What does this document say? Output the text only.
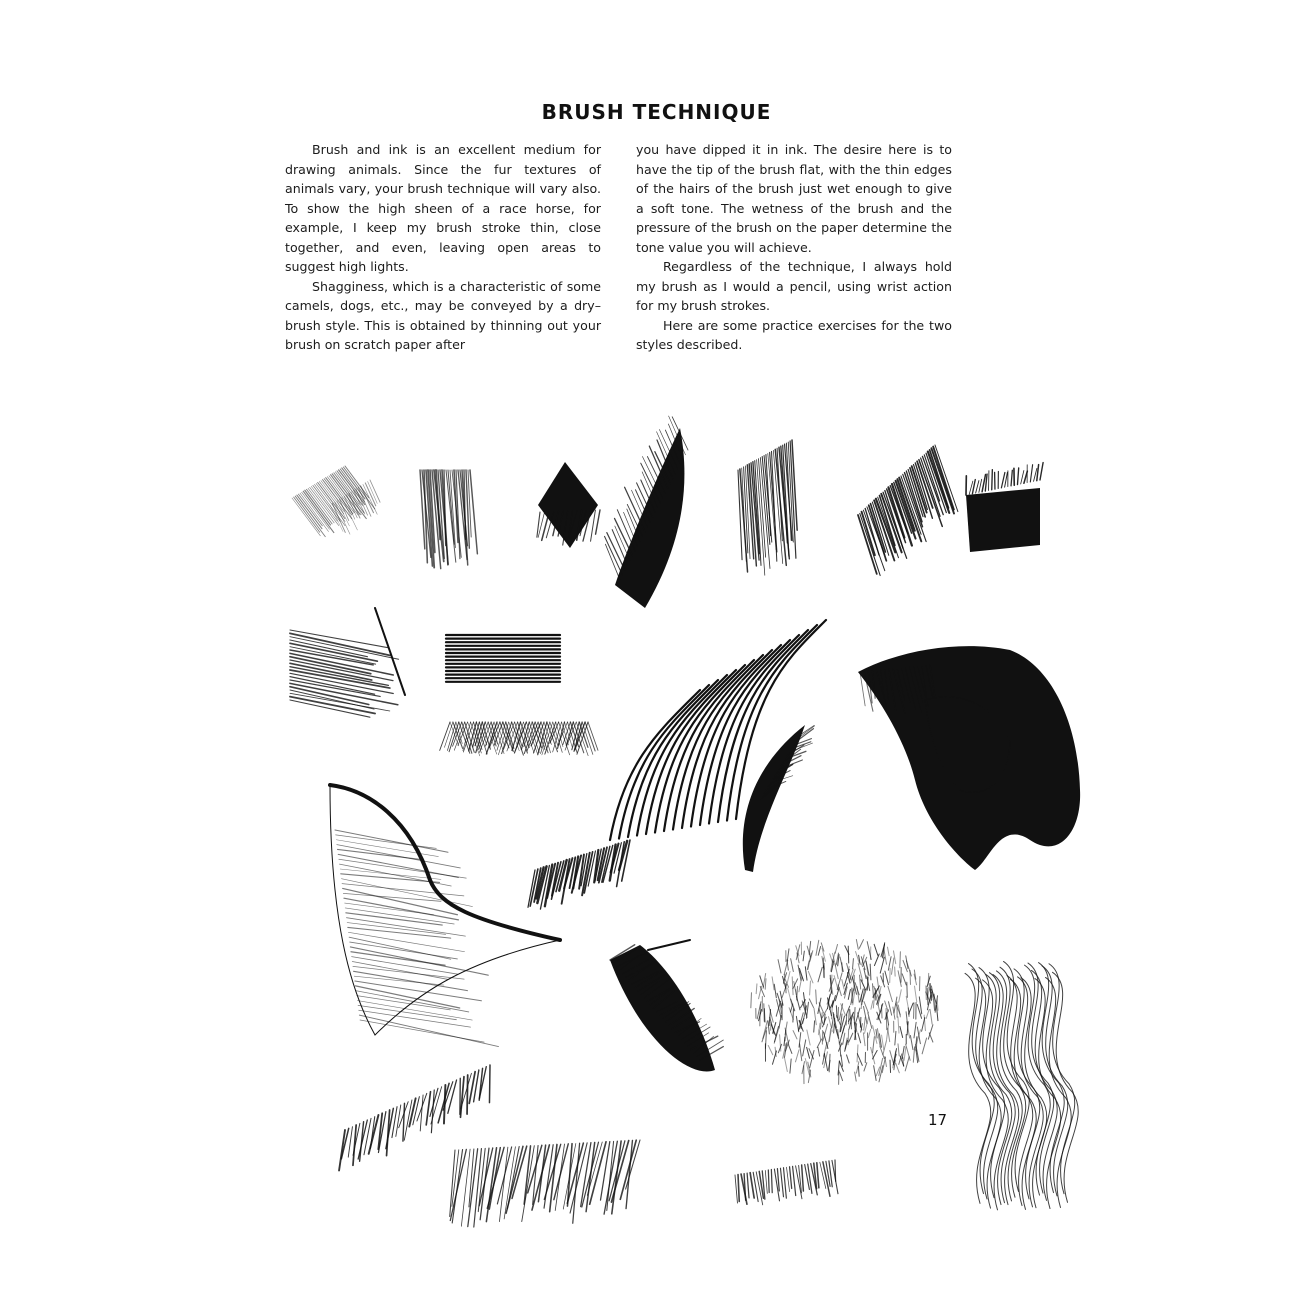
BRUSH TECHNIQUE

Brush and ink is an excellent medium for drawing animals. Since the fur textures of animals vary, your brush technique will vary also. To show the high sheen of a race horse, for example, I keep my brush stroke thin, close together, and even, leaving open areas to suggest high lights.

Shagginess, which is a characteristic of some camels, dogs, etc., may be conveyed by a dry–brush style. This is obtained by thinning out your brush on scratch paper after

you have dipped it in ink. The desire here is to have the tip of the brush flat, with the thin edges of the hairs of the brush just wet enough to give a soft tone. The wetness of the brush and the pressure of the brush on the paper determine the tone value you will achieve.

Regardless of the technique, I always hold my brush as I would a pencil, using wrist action for my brush strokes.

Here are some practice exercises for the two styles described.

17
